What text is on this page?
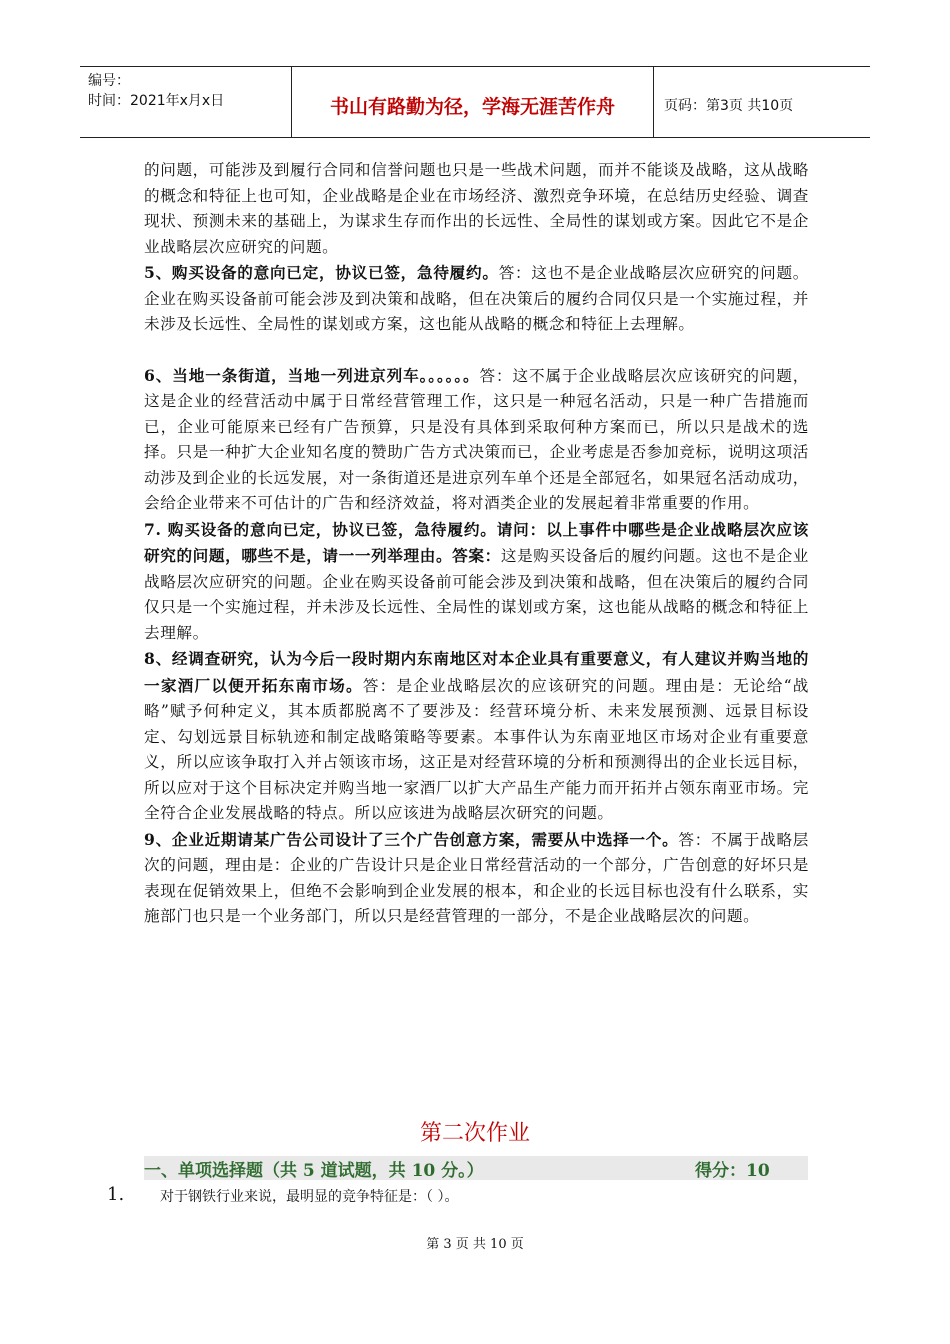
编号：
时间：2021年x月x日	书山有路勤为径，学海无涯苦作舟	页码：第3页 共10页

的问题，可能涉及到履行合同和信誉问题也只是一些战术问题，而并不能谈及战略，这从战略的概念和特征上也可知，企业战略是企业在市场经济、激烈竞争环境，在总结历史经验、调查现状、预测未来的基础上，为谋求生存而作出的长远性、全局性的谋划或方案。因此它不是企业战略层次应研究的问题。

5、购买设备的意向已定，协议已签，急待履约。答：这也不是企业战略层次应研究的问题。企业在购买设备前可能会涉及到决策和战略，但在决策后的履约合同仅只是一个实施过程，并未涉及长远性、全局性的谋划或方案，这也能从战略的概念和特征上去理解。

6、当地一条街道，当地一列进京列车。。。。。。答：这不属于企业战略层次应该研究的问题，这是企业的经营活动中属于日常经营管理工作，这只是一种冠名活动，只是一种广告措施而已，企业可能原来已经有广告预算，只是没有具体到采取何种方案而已，所以只是战术的选择。只是一种扩大企业知名度的赞助广告方式决策而已，企业考虑是否参加竞标，说明这项活动涉及到企业的长远发展，对一条街道还是进京列车单个还是全部冠名，如果冠名活动成功，会给企业带来不可估计的广告和经济效益，将对酒类企业的发展起着非常重要的作用。

7. 购买设备的意向已定，协议已签，急待履约。请问：以上事件中哪些是企业战略层次应该研究的问题，哪些不是，请一一列举理由。答案：这是购买设备后的履约问题。这也不是企业战略层次应研究的问题。企业在购买设备前可能会涉及到决策和战略，但在决策后的履约合同仅只是一个实施过程，并未涉及长远性、全局性的谋划或方案，这也能从战略的概念和特征上去理解。

8、经调查研究，认为今后一段时期内东南地区对本企业具有重要意义，有人建议并购当地的一家酒厂以便开拓东南市场。答：是企业战略层次的应该研究的问题。理由是：无论给“战略”赋予何种定义，其本质都脱离不了要涉及：经营环境分析、未来发展预测、远景目标设定、勾划远景目标轨迹和制定战略策略等要素。本事件认为东南亚地区市场对企业有重要意义，所以应该争取打入并占领该市场，这正是对经营环境的分析和预测得出的企业长远目标，所以应对于这个目标决定并购当地一家酒厂以扩大产品生产能力而开拓并占领东南亚市场。完全符合企业发展战略的特点。所以应该进为战略层次研究的问题。

9、企业近期请某广告公司设计了三个广告创意方案，需要从中选择一个。答：不属于战略层次的问题，理由是：企业的广告设计只是企业日常经营活动的一个部分，广告创意的好坏只是表现在促销效果上，但绝不会影响到企业发展的根本，和企业的长远目标也没有什么联系，实施部门也只是一个业务部门，所以只是经营管理的一部分，不是企业战略层次的问题。

第二次作业
一、单项选择题（共 5 道试题，共 10 分。）	得分：10
1.	对于钢铁行业来说，最明显的竞争特征是：（ ）。
第 3 页 共 10 页
